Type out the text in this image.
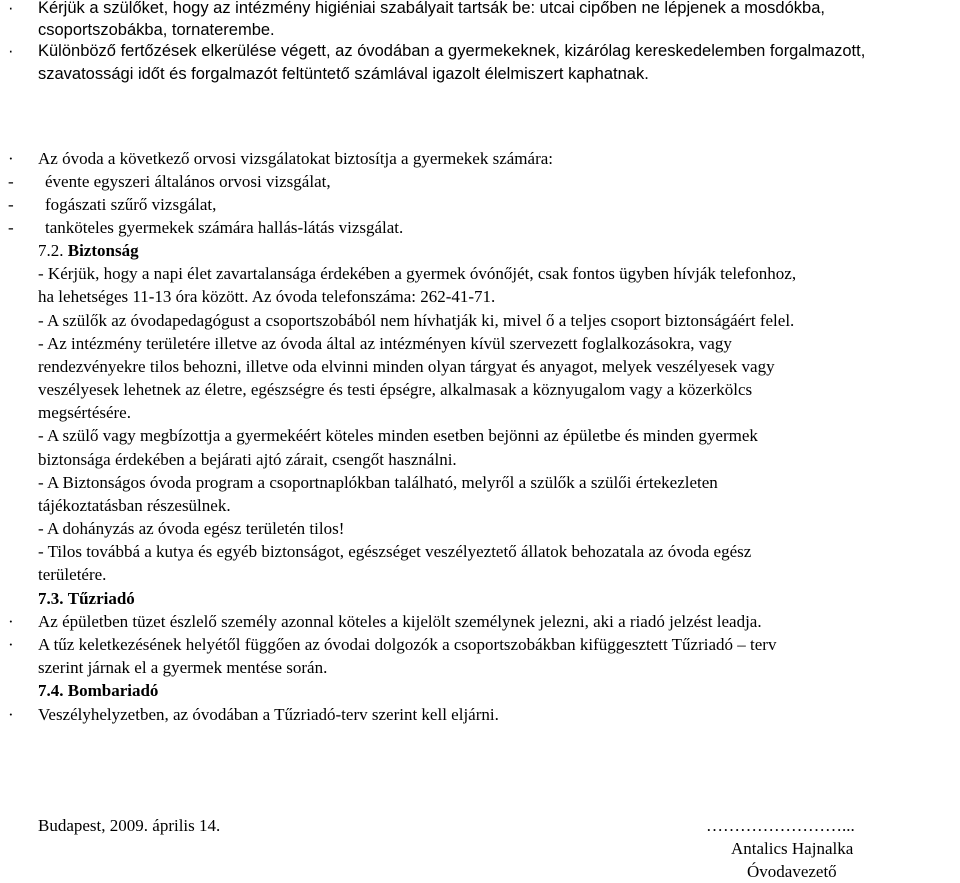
· Kérjük a szülőket, hogy az intézmény higiéniai szabályait tartsák be: utcai cipőben ne lépjenek a mosdókba,
csoportszobákba, tornaterembe.
· Különböző fertőzések elkerülése végett, az óvodában a gyermekeknek, kizárólag kereskedelemben forgalmazott,
szavatossági időt és forgalmazót feltüntető számlával igazolt élelmiszert kaphatnak.
· Az óvoda a következő orvosi vizsgálatokat biztosítja a gyermekek számára:
- évente egyszeri általános orvosi vizsgálat,
- fogászati szűrő vizsgálat,
- tanköteles gyermekek számára hallás-látás vizsgálat.
7.2. Biztonság
- Kérjük, hogy a napi élet zavartalansága érdekében a gyermek óvónőjét, csak fontos ügyben hívják telefonhoz,
ha lehetséges 11-13 óra között. Az óvoda telefonszáma: 262-41-71.
- A szülők az óvodapedagógust a csoportszobából nem hívhatják ki, mivel ő a teljes csoport biztonságáért felel.
- Az intézmény területére illetve az óvoda által az intézményen kívül szervezett foglalkozásokra, vagy
rendezvényekre tilos behozni, illetve oda elvinni minden olyan tárgyat és anyagot, melyek veszélyesek vagy
veszélyesek lehetnek az életre, egészségre és testi épségre, alkalmasak a köznyugalom vagy a közerkölcs
megsértésére.
- A szülő vagy megbízottja a gyermekéért köteles minden esetben bejönni az épületbe és minden gyermek
biztonsága érdekében a bejárati ajtó zárait, csengőt használni.
- A Biztonságos óvoda program a csoportnaplókban található, melyről a szülők a szülői értekezleten
tájékoztatásban részesülnek.
- A dohányzás az óvoda egész területén tilos!
- Tilos továbbá a kutya és egyéb biztonságot, egészséget veszélyeztető állatok behozatala az óvoda egész
területére.
7.3. Tűzriadó
· Az épületben tüzet észlelő személy azonnal köteles a kijelölt személynek jelezni, aki a riadó jelzést leadja.
· A tűz keletkezésének helyétől függően az óvodai dolgozók a csoportszobákban kifüggesztett Tűzriadó – terv
szerint járnak el a gyermek mentése során.
7.4. Bombariadó
· Veszélyhelyzetben, az óvodában a Tűzriadó-terv szerint kell eljárni.
Budapest, 2009. április 14.	……………………...
Antalics Hajnalka
Óvodavezető
